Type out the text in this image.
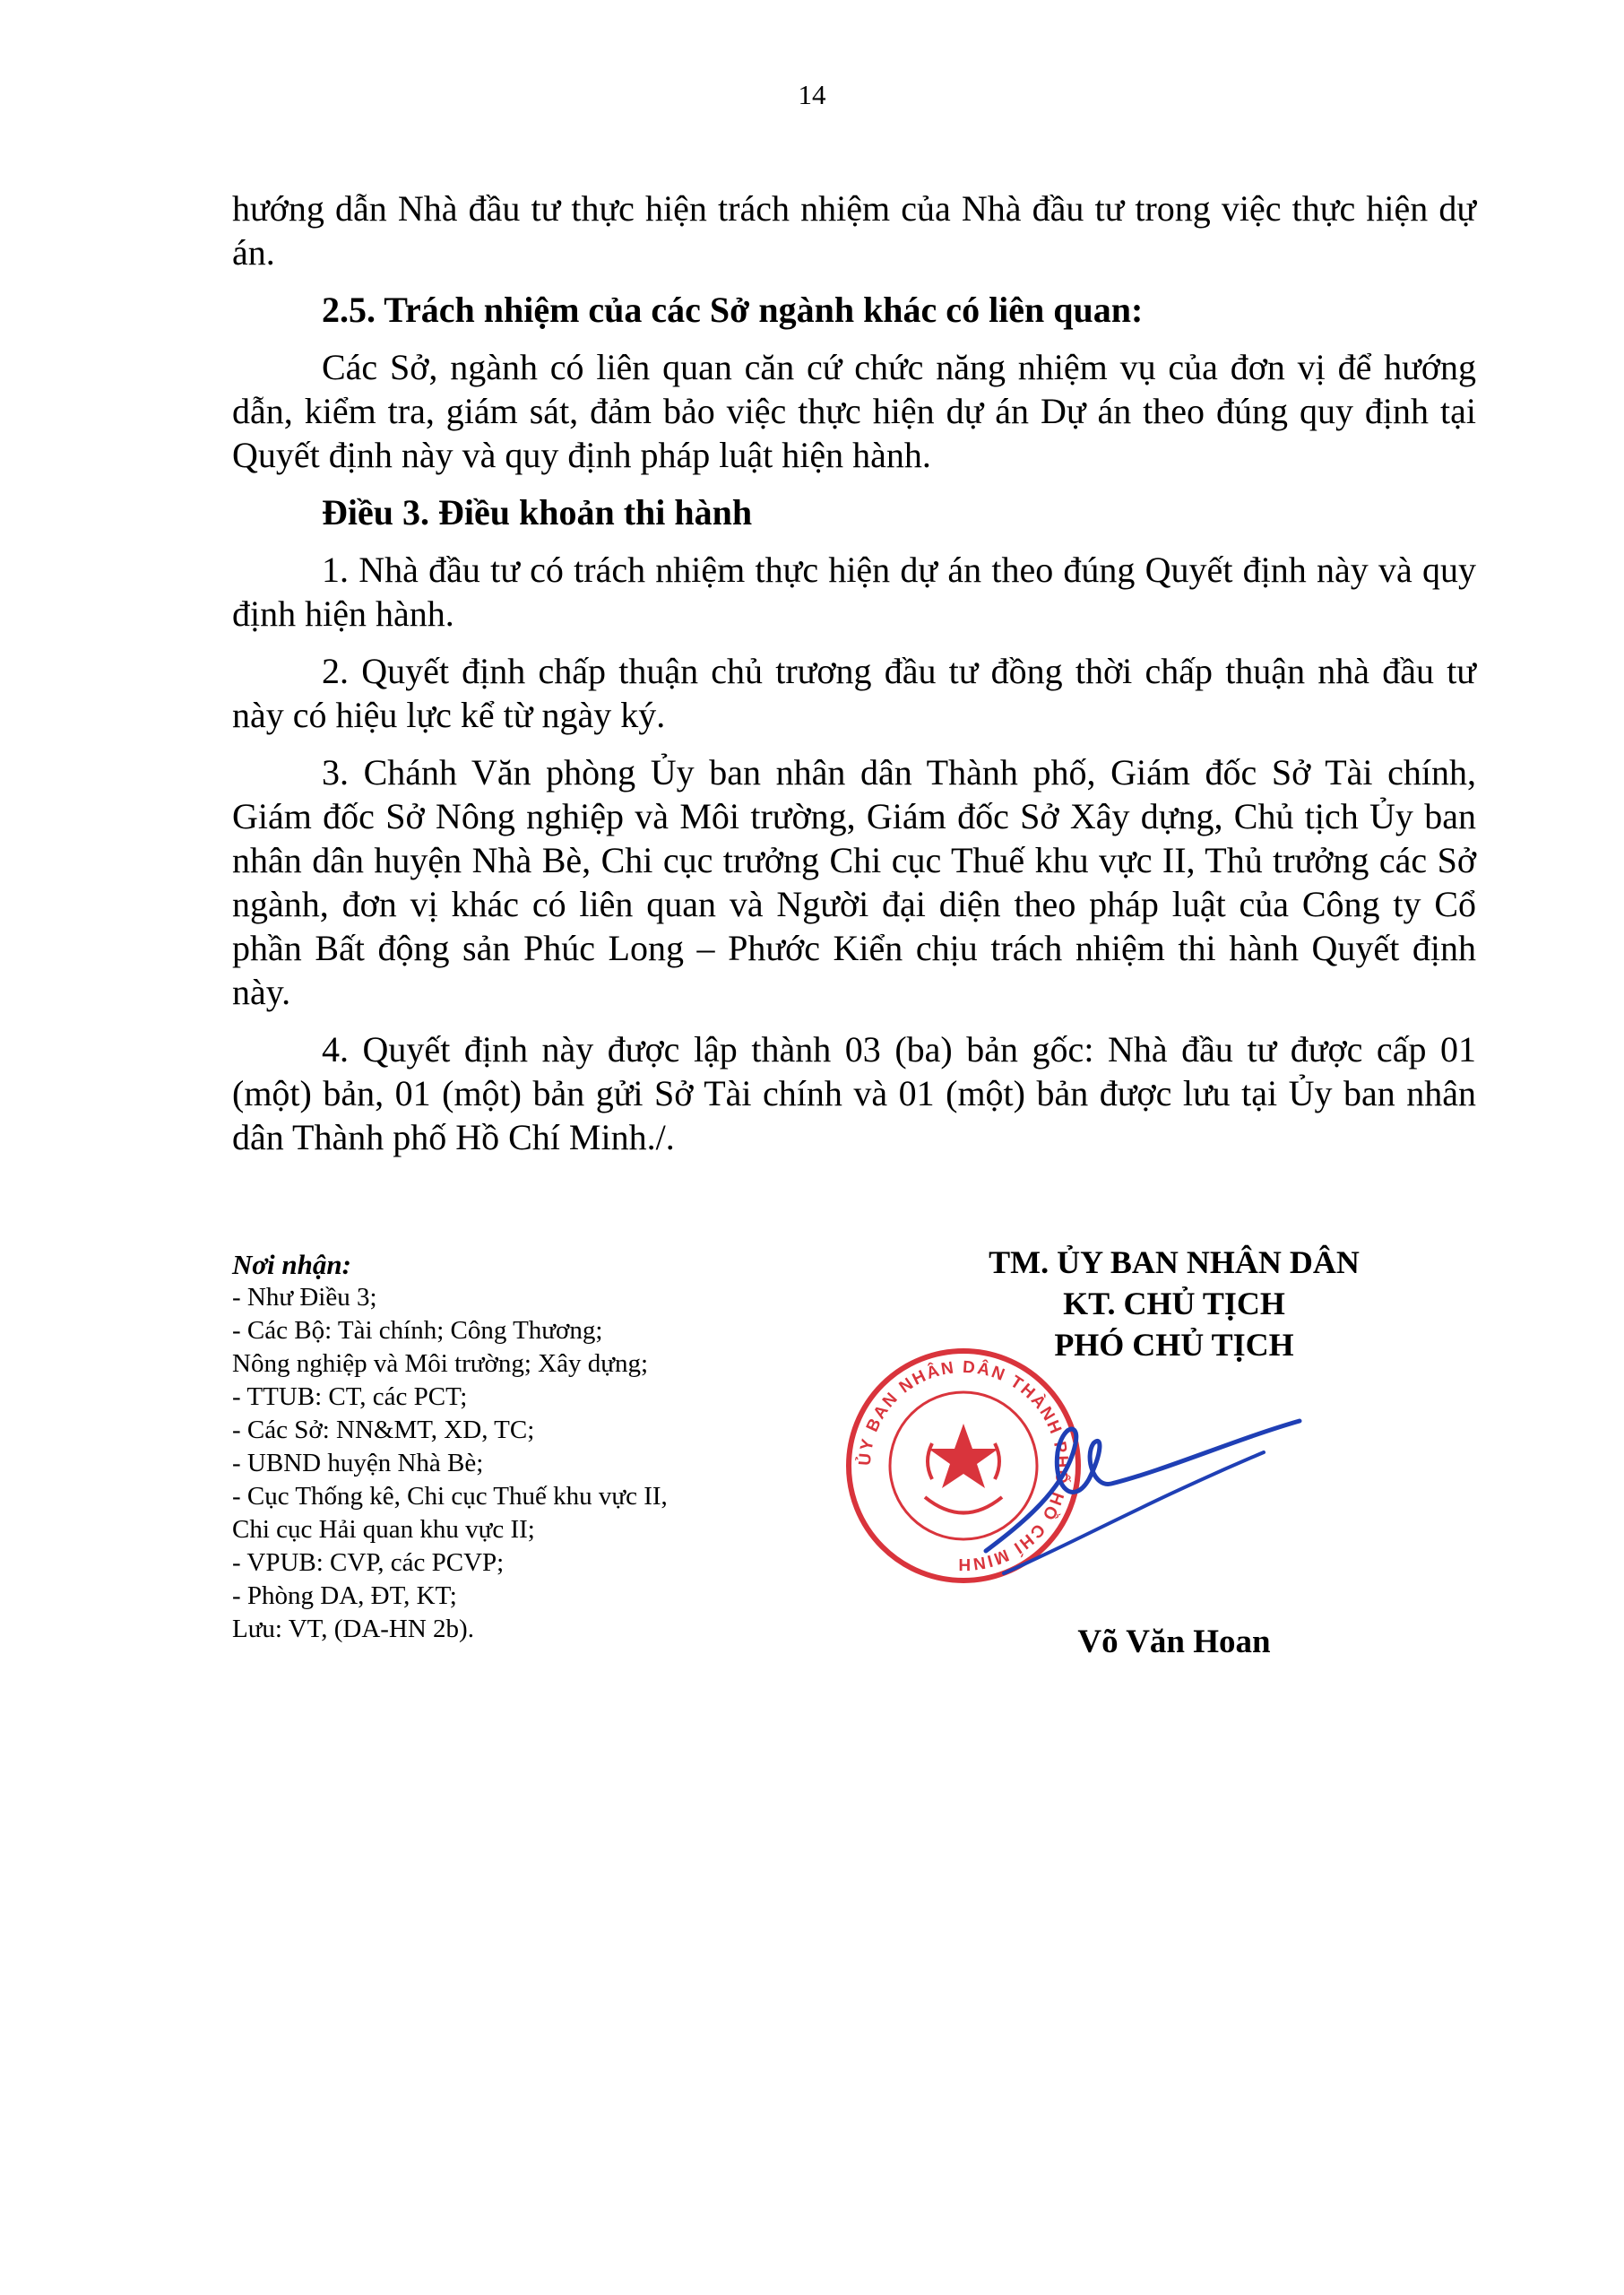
14

hướng dẫn Nhà đầu tư thực hiện trách nhiệm của Nhà đầu tư trong việc thực hiện dự án.

2.5. Trách nhiệm của các Sở ngành khác có liên quan:

Các Sở, ngành có liên quan căn cứ chức năng nhiệm vụ của đơn vị để hướng dẫn, kiểm tra, giám sát, đảm bảo việc thực hiện dự án Dự án theo đúng quy định tại Quyết định này và quy định pháp luật hiện hành.

Điều 3. Điều khoản thi hành

1. Nhà đầu tư có trách nhiệm thực hiện dự án theo đúng Quyết định này và quy định hiện hành.

2. Quyết định chấp thuận chủ trương đầu tư đồng thời chấp thuận nhà đầu tư này có hiệu lực kể từ ngày ký.

3. Chánh Văn phòng Ủy ban nhân dân Thành phố, Giám đốc Sở Tài chính, Giám đốc Sở Nông nghiệp và Môi trường, Giám đốc Sở Xây dựng, Chủ tịch Ủy ban nhân dân huyện Nhà Bè, Chi cục trưởng Chi cục Thuế khu vực II, Thủ trưởng các Sở ngành, đơn vị khác có liên quan và Người đại diện theo pháp luật của Công ty Cổ phần Bất động sản Phúc Long – Phước Kiển chịu trách nhiệm thi hành Quyết định này.

4. Quyết định này được lập thành 03 (ba) bản gốc: Nhà đầu tư được cấp 01 (một) bản, 01 (một) bản gửi Sở Tài chính và 01 (một) bản được lưu tại Ủy ban nhân dân Thành phố Hồ Chí Minh./.

Nơi nhận:
- Như Điều 3;
- Các Bộ: Tài chính; Công Thương;
Nông nghiệp và Môi trường; Xây dựng;
- TTUB: CT, các PCT;
- Các Sở: NN&MT, XD, TC;
- UBND huyện Nhà Bè;
- Cục Thống kê, Chi cục Thuế khu vực II,
Chi cục Hải quan khu vực II;
- VPUB: CVP, các PCVP;
- Phòng DA, ĐT, KT;
Lưu: VT, (DA-HN 2b).
TM. ỦY BAN NHÂN DÂN
KT. CHỦ TỊCH
PHÓ CHỦ TỊCH
ỦY BAN NHÂN DÂN THÀNH PHỐ HỒ CHÍ MINH
Võ Văn Hoan
